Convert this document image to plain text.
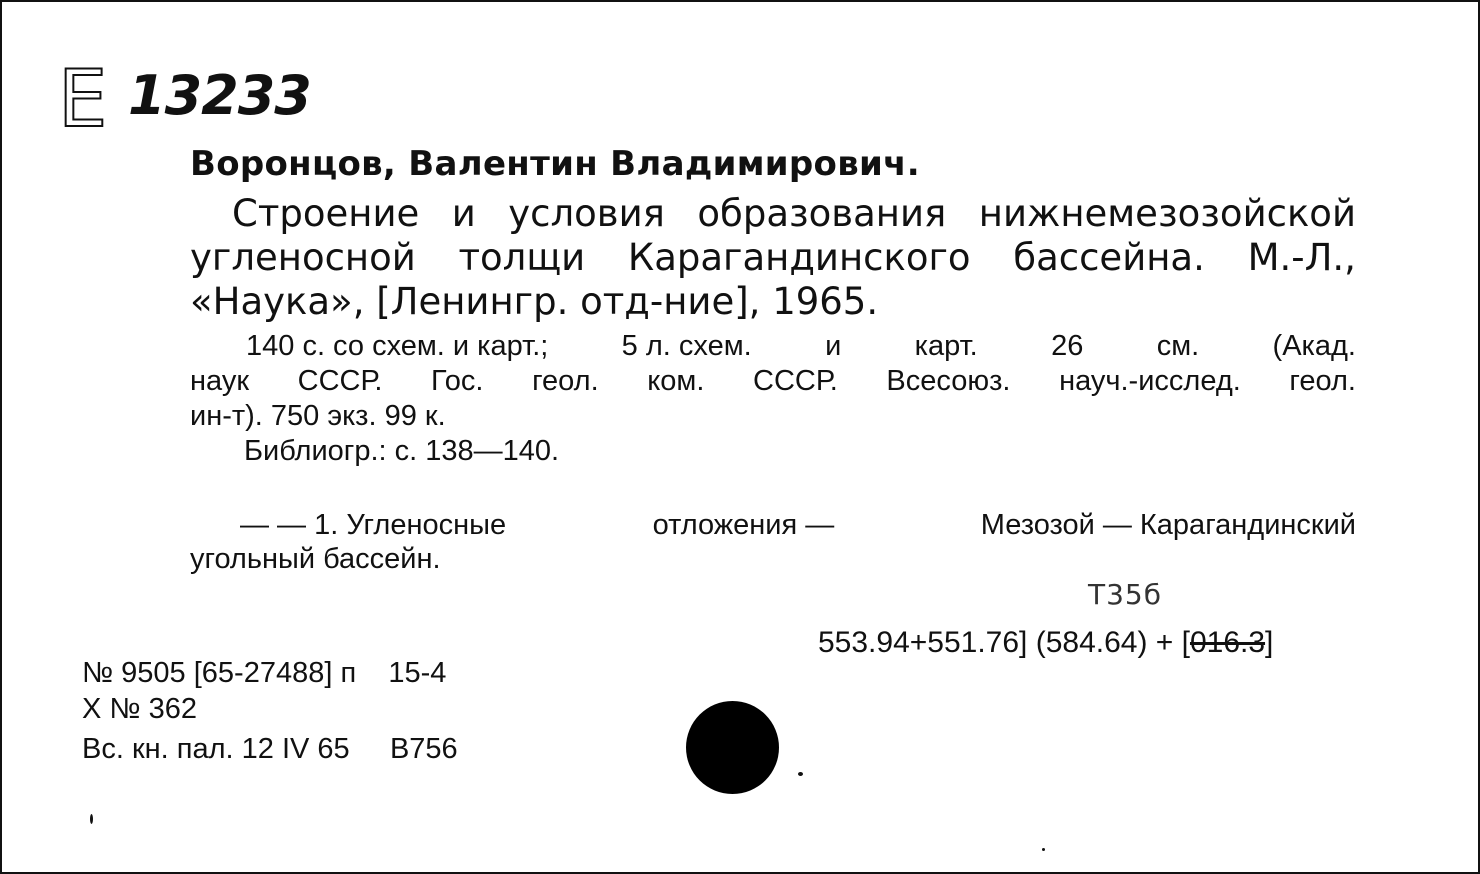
Е 13233
Воронцов, Валентин Владимирович.
Строение и условия образования нижнемезозойской
угленосной толщи Карагандинского бассейна. М.-Л.,
«Наука», [Ленингр. отд-ние], 1965.
140 с. со схем. и карт.;	5 л. схем.	и	карт.	26	см.	(Акад.
наук СССР. Гос. геол. ком. СССР. Всесоюз. науч.-исслед. геол.
ин-т). 750 экз. 99 к.
Библиогр.: с. 138—140.
— — 1. Угленосные	отложения —	Мезозой — Карагандинский
угольный бассейн.
Т35б
553.94+551.76] (584.64) + [016.3]
№ 9505 [65-27488] п    15-4
Х № 362
Вс. кн. пал. 12 IV 65     В756
